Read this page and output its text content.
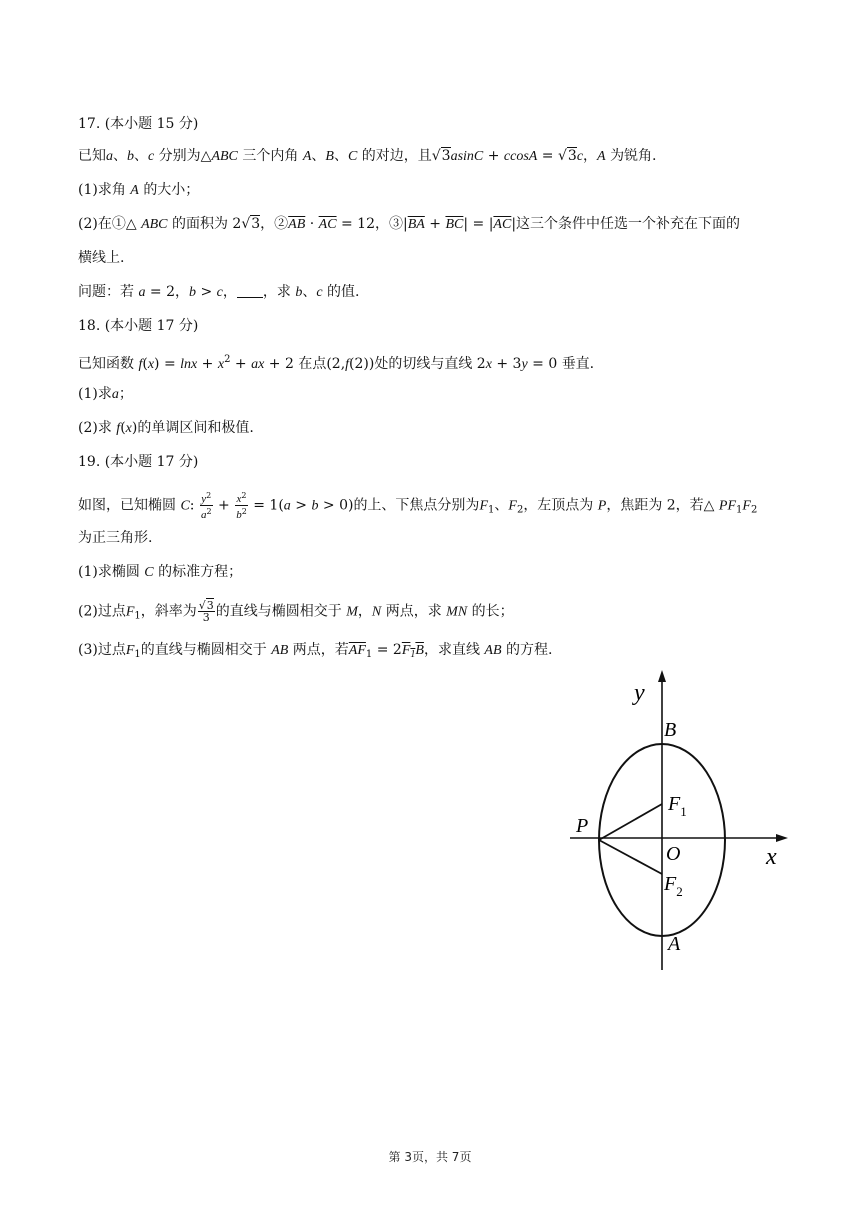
17. (本小题 15 分)
已知a、b、c 分别为△ABC 三个内角 A、B、C 的对边，且√3asinC + ccosA = √3c，A 为锐角.
(1)求角 A 的大小；
(2)在①△ ABC 的面积为 2√3，$②\overline{AB} \cdot \overline{AC} = 12$，$③|\overline{BA} + \overline{BC}| = |\overline{AC}|$这三个条件中任选一个补充在下面的
横线上.
问题：若 a = 2，b > c， ，求 b、c 的值.
18. (本小题 17 分)
已知函数 $f(x) = \ln x + x^2$ + ax + 2 在点(2,f(2))处的切线与直线 2x + 3y = 0 垂直.
(1)求a；
(2)求 f(x)的单调区间和极值.
19. (本小题 17 分)
如图，已知椭圆 C: $\frac{y^2}{a^2} + \frac{x^2}{b^2} = 1(a > b > 0)$的上、下焦点分别为$F_1$、$F_2$，左顶点为 P，焦距为 2，若△ $PF_1F_2$
为正三角形.
(1)求椭圆 C 的标准方程；
(2)过点$F_1$，斜率为 $\frac{√3}{3}$ 的直线与椭圆相交于 M，N 两点，求 MN 的长；
(3)过点$F_1$的直线与椭圆相交于 AB 两点，若$\overline{AF}_1 = 2F_1B$，求直线 AB 的方程.
y
x
B
$F_1$
P
O
$F_2$
A
第 3页，共 7页
